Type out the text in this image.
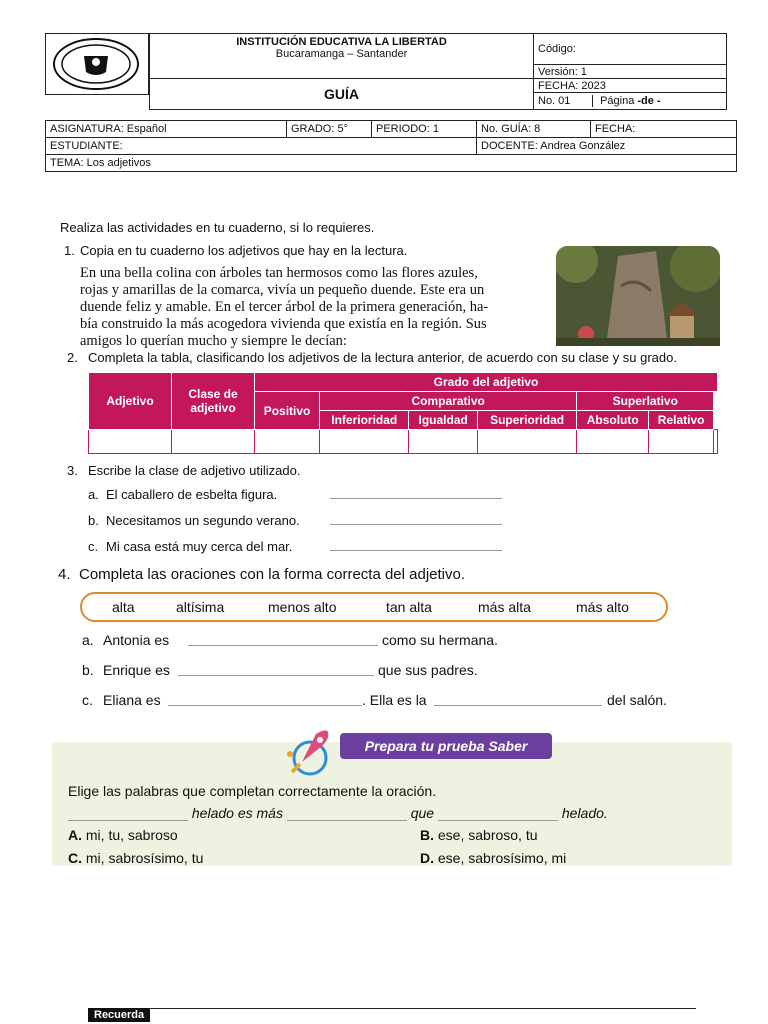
INSTITUCIÓN EDUCATIVA LA LIBERTAD
Bucaramanga – Santander	Código:
	Versión: 1
GUÍA	FECHA: 2023
	No. 01 Página -de -
ASIGNATURA: Español	GRADO: 5°	PERIODO: 1	No. GUÍA: 8	FECHA:
ESTUDIANTE:			DOCENTE: Andrea González	
TEMA: Los adjetivos				
Realiza las actividades en tu cuaderno, si lo requieres.
1. Copia en tu cuaderno los adjetivos que hay en la lectura.
En una bella colina con árboles tan hermosos como las flores azules,
rojas y amarillas de la comarca, vivía un pequeño duende. Este era un
duende feliz y amable. En el tercer árbol de la primera generación, ha-
bía construido la más acogedora vivienda que existía en la región. Sus
amigos lo querían mucho y siempre le decían:
2. Completa la tabla, clasificando los adjetivos de la lectura anterior, de acuerdo con su clase y su grado.
Adjetivo	Clase de adjetivo	Grado del adjetivo						
		Positivo	Comparativo			Superlativo		
			Inferioridad	Igualdad	Superioridad	Absoluto	Relativo	

3. Escribe la clase de adjetivo utilizado.
a. El caballero de esbelta figura.
b. Necesitamos un segundo verano.
c. Mi casa está muy cerca del mar.
4. Completa las oraciones con la forma correcta del adjetivo.
alta	altísima	menos alto	tan alta	más alta	más alto
a. Antonia es	como su hermana.
b. Enrique es	que sus padres.
c. Eliana es	. Ella es la	del salón.
Prepara tu prueba Saber
Elige las palabras que completan correctamente la oración.
helado es más	que	helado.
A. mi, tu, sabroso	B. ese, sabroso, tu
C. mi, sabrosísimo, tu	D. ese, sabrosísimo, mi
Recuerda
